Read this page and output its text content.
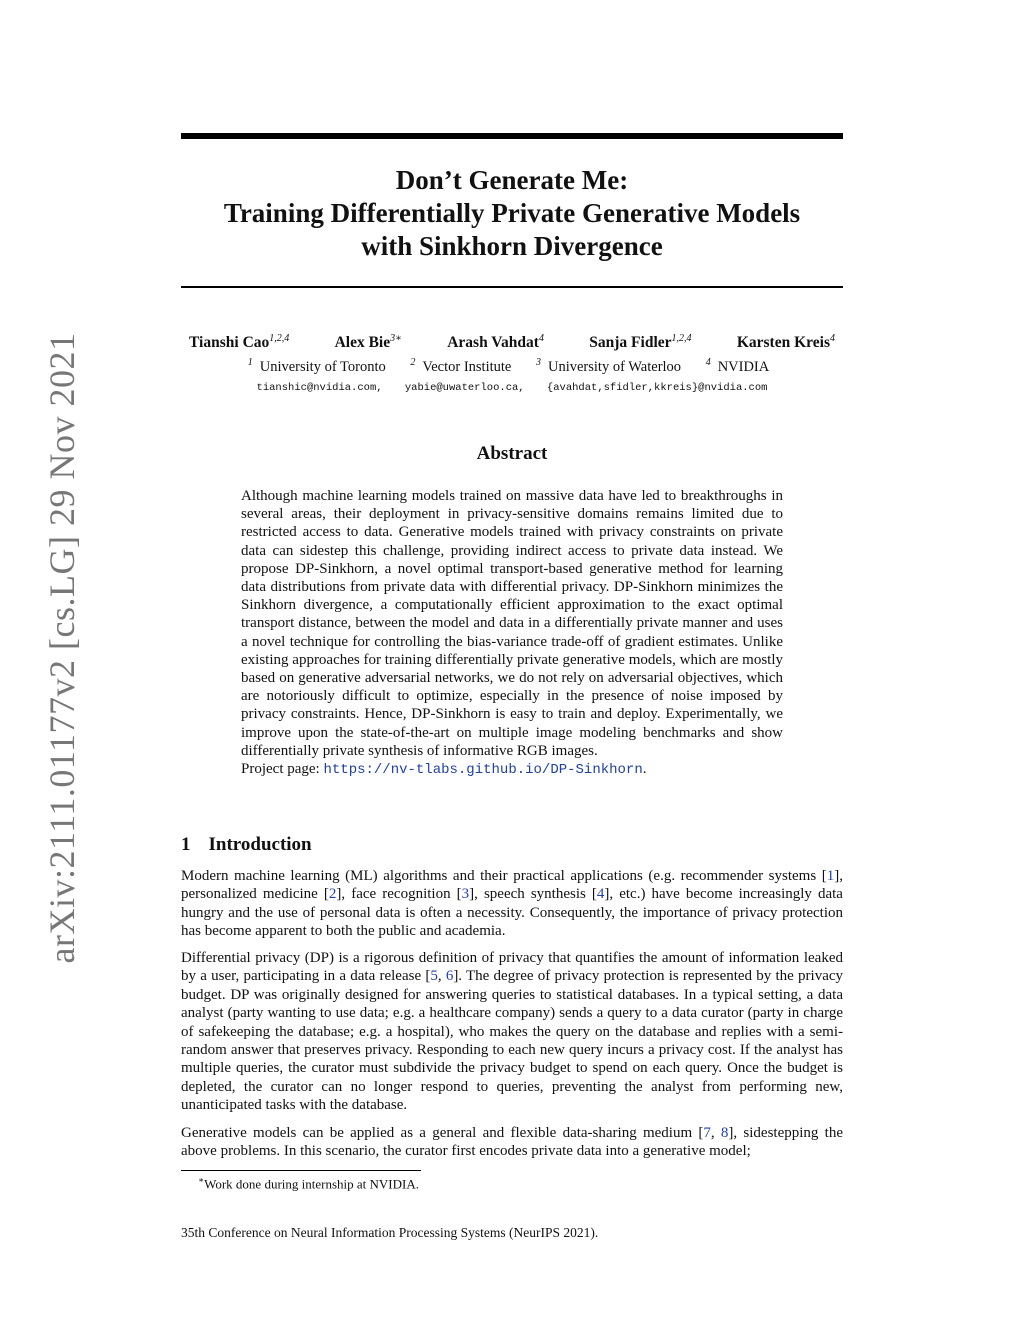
arXiv:2111.01177v2 [cs.LG] 29 Nov 2021
Don’t Generate Me:
Training Differentially Private Generative Models
with Sinkhorn Divergence
Tianshi Cao$^{1,2,4}$	Alex Bie$^{3∗}$	Arash Vahdat$^4$	Sanja Fidler$^{1,2,4}$	Karsten Kreis$^4$
$^1$ University of Toronto $^2$ Vector Institute $^3$ University of Waterloo $^4$ NVIDIA
tianshic@nvidia.com, yabie@uwaterloo.ca, {avahdat,sfidler,kkreis}@nvidia.com
Abstract
Although machine learning models trained on massive data have led to breakthroughs in several areas, their deployment in privacy-sensitive domains remains limited due to restricted access to data. Generative models trained with privacy constraints on private data can sidestep this challenge, providing indirect access to private data instead. We propose DP-Sinkhorn, a novel optimal transport-based generative method for learning data distributions from private data with differential privacy. DP-Sinkhorn minimizes the Sinkhorn divergence, a computationally efficient approximation to the exact optimal transport distance, between the model and data in a differentially private manner and uses a novel technique for controlling the bias-variance trade-off of gradient estimates. Unlike existing approaches for training differentially private generative models, which are mostly based on generative adversarial networks, we do not rely on adversarial objectives, which are notoriously difficult to optimize, especially in the presence of noise imposed by privacy constraints. Hence, DP-Sinkhorn is easy to train and deploy. Experimentally, we improve upon the state-of-the-art on multiple image modeling benchmarks and show differentially private synthesis of informative RGB images.
Project page: https://nv-tlabs.github.io/DP-Sinkhorn.
1 Introduction
Modern machine learning (ML) algorithms and their practical applications (e.g. recommender systems [1], personalized medicine [2], face recognition [3], speech synthesis [4], etc.) have become increasingly data hungry and the use of personal data is often a necessity. Consequently, the importance of privacy protection has become apparent to both the public and academia.
Differential privacy (DP) is a rigorous definition of privacy that quantifies the amount of information leaked by a user, participating in a data release [5, 6]. The degree of privacy protection is represented by the privacy budget. DP was originally designed for answering queries to statistical databases. In a typical setting, a data analyst (party wanting to use data; e.g. a healthcare company) sends a query to a data curator (party in charge of safekeeping the database; e.g. a hospital), who makes the query on the database and replies with a semi-random answer that preserves privacy. Responding to each new query incurs a privacy cost. If the analyst has multiple queries, the curator must subdivide the privacy budget to spend on each query. Once the budget is depleted, the curator can no longer respond to queries, preventing the analyst from performing new, unanticipated tasks with the database.
Generative models can be applied as a general and flexible data-sharing medium [7, 8], sidestepping the above problems. In this scenario, the curator first encodes private data into a generative model;
∗Work done during internship at NVIDIA.
35th Conference on Neural Information Processing Systems (NeurIPS 2021).
